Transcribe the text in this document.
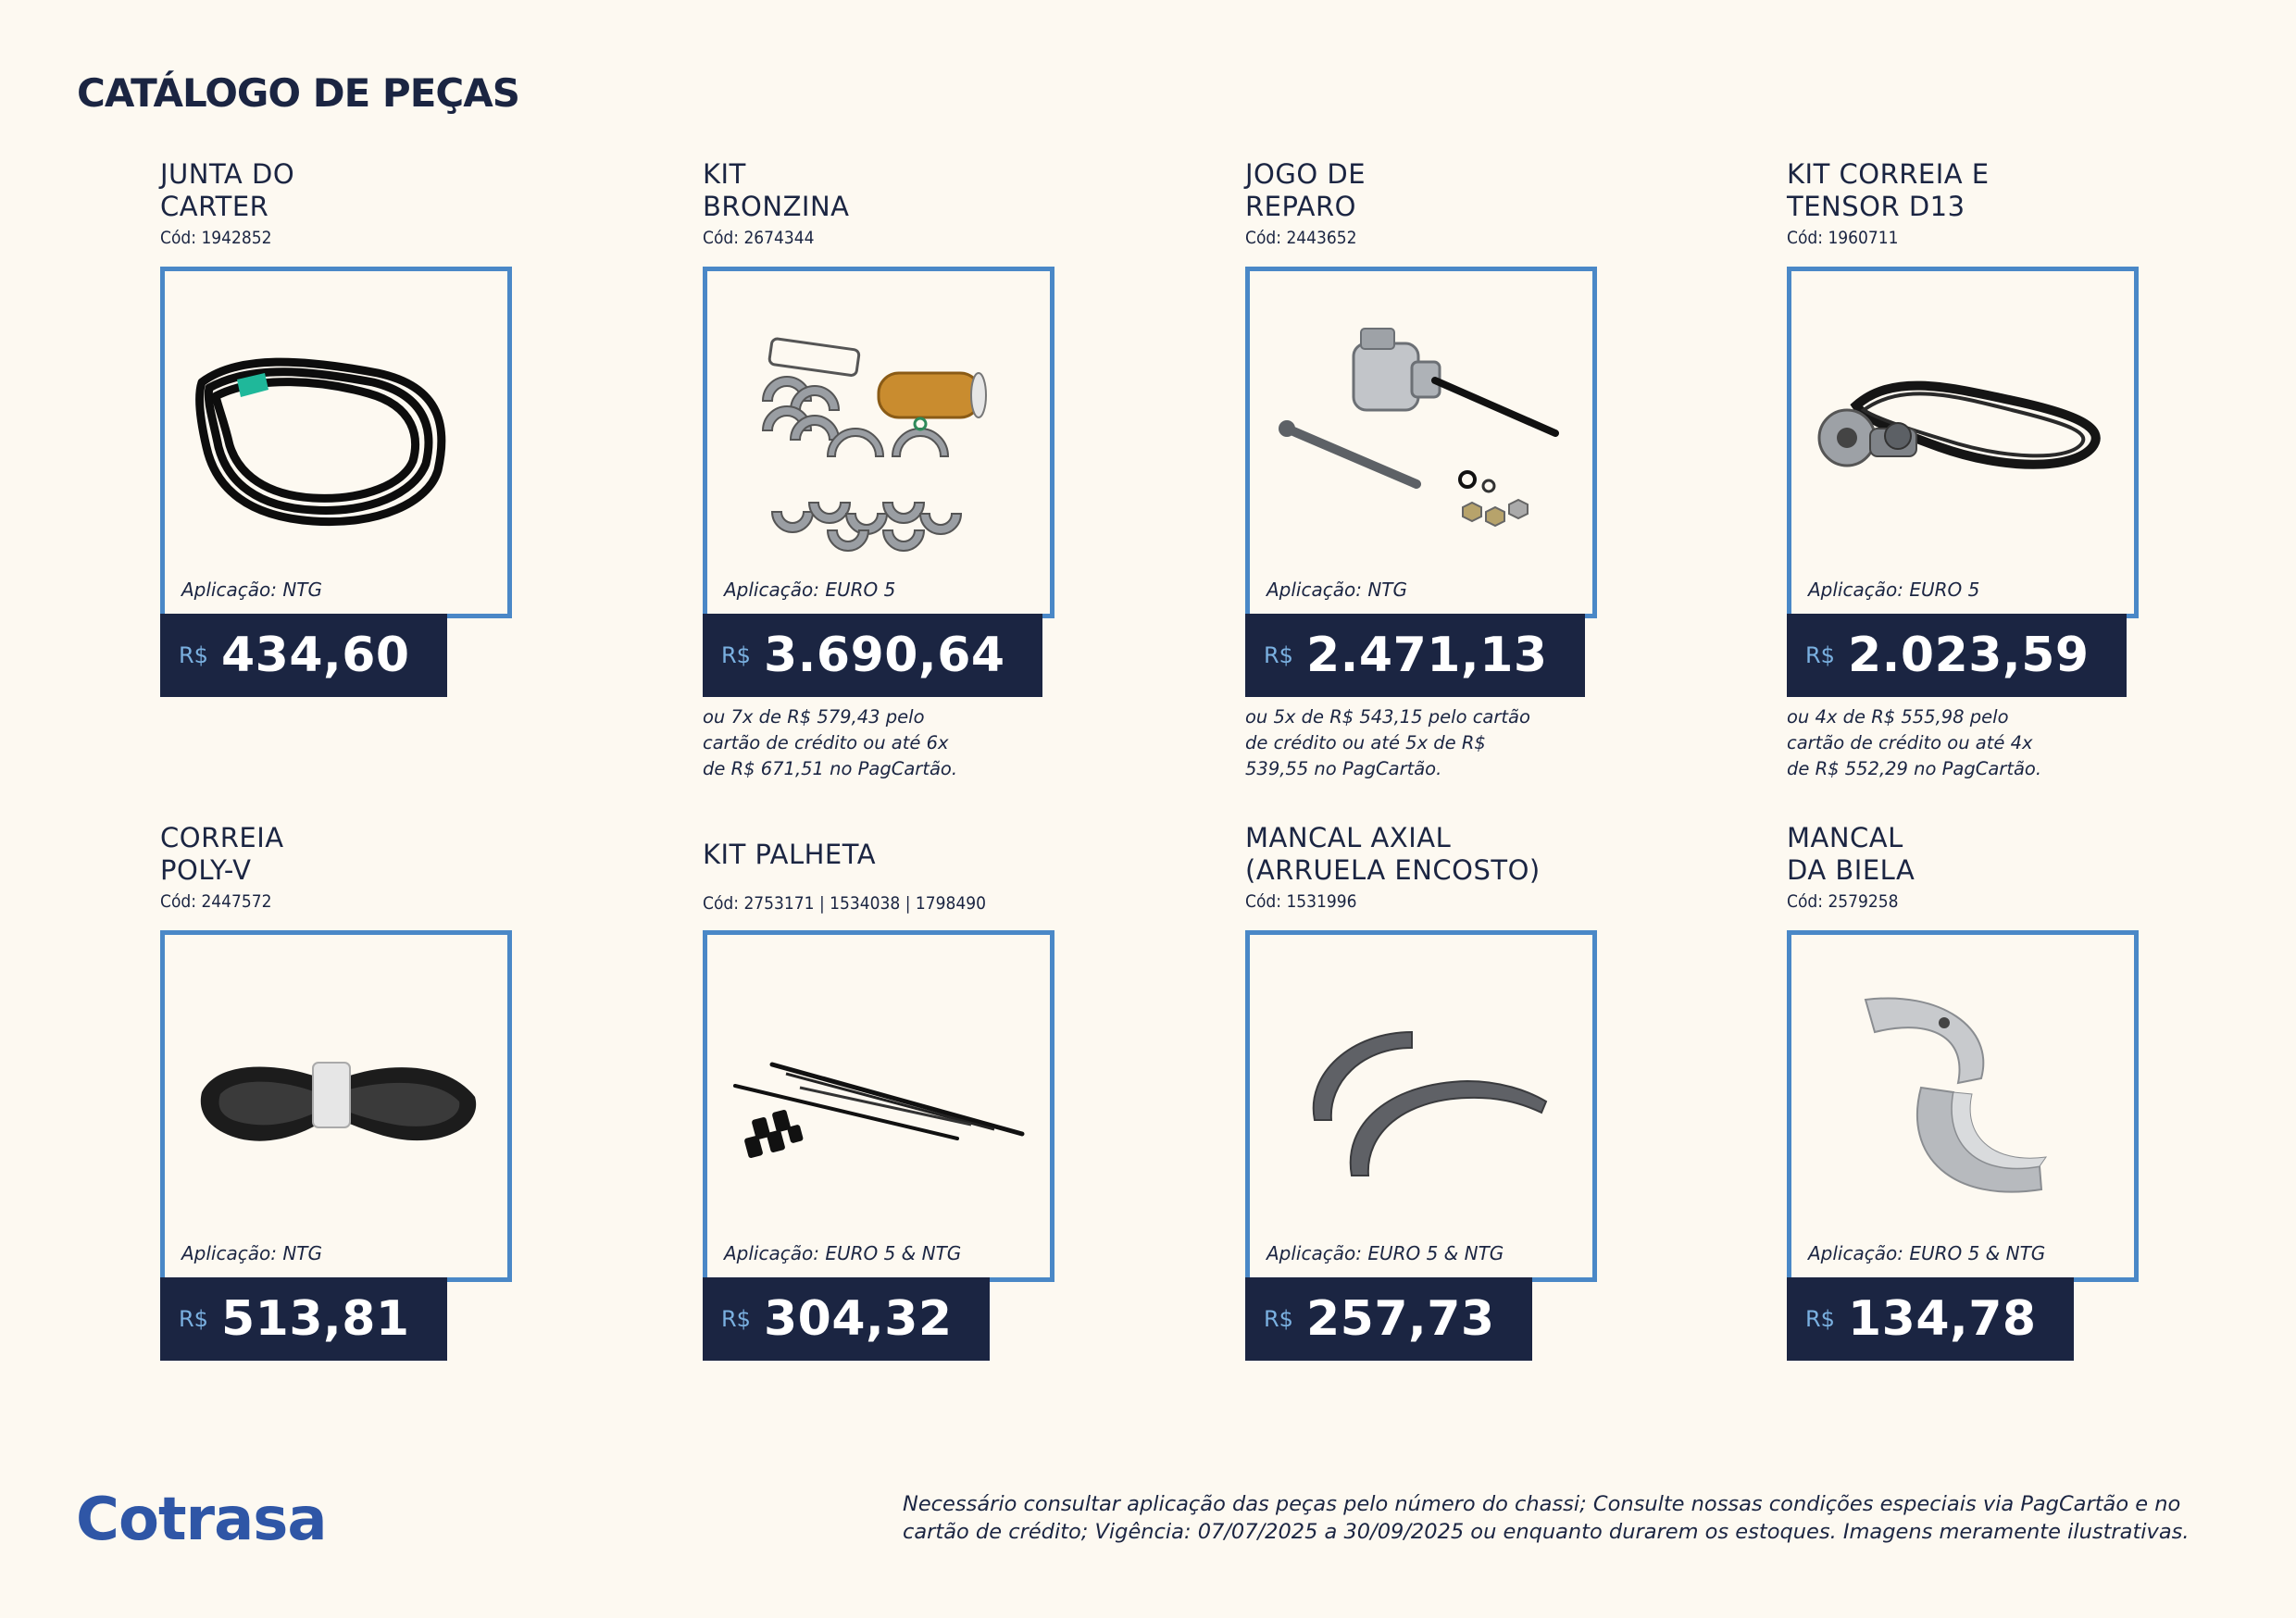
CATÁLOGO DE PEÇAS
JUNTA DO
CARTER
Cód: 1942852
Aplicação: NTG
R$ 434,60
KIT
BRONZINA
Cód: 2674344
Aplicação: EURO 5
R$ 3.690,64
ou 7x de R$ 579,43 pelo
cartão de crédito ou até 6x
de R$ 671,51 no PagCartão.
JOGO DE
REPARO
Cód: 2443652
Aplicação: NTG
R$ 2.471,13
ou 5x de R$ 543,15 pelo cartão
de crédito ou até 5x de R$
539,55 no PagCartão.
KIT CORREIA E
TENSOR D13
Cód: 1960711
Aplicação: EURO 5
R$ 2.023,59
ou 4x de R$ 555,98 pelo
cartão de crédito ou até 4x
de R$ 552,29 no PagCartão.
CORREIA
POLY-V
Cód: 2447572
Aplicação: NTG
R$ 513,81
KIT PALHETA
Cód: 2753171 | 1534038 | 1798490
Aplicação: EURO 5 & NTG
R$ 304,32
MANCAL AXIAL
(ARRUELA ENCOSTO)
Cód: 1531996
Aplicação: EURO 5 & NTG
R$ 257,73
MANCAL
DA BIELA
Cód: 2579258
Aplicação: EURO 5 & NTG
R$ 134,78
Cotrasa	Necessário consultar aplicação das peças pelo número do chassi; Consulte nossas condições especiais via PagCartão e no cartão de crédito; Vigência: 07/07/2025 a 30/09/2025 ou enquanto durarem os estoques. Imagens meramente ilustrativas.
